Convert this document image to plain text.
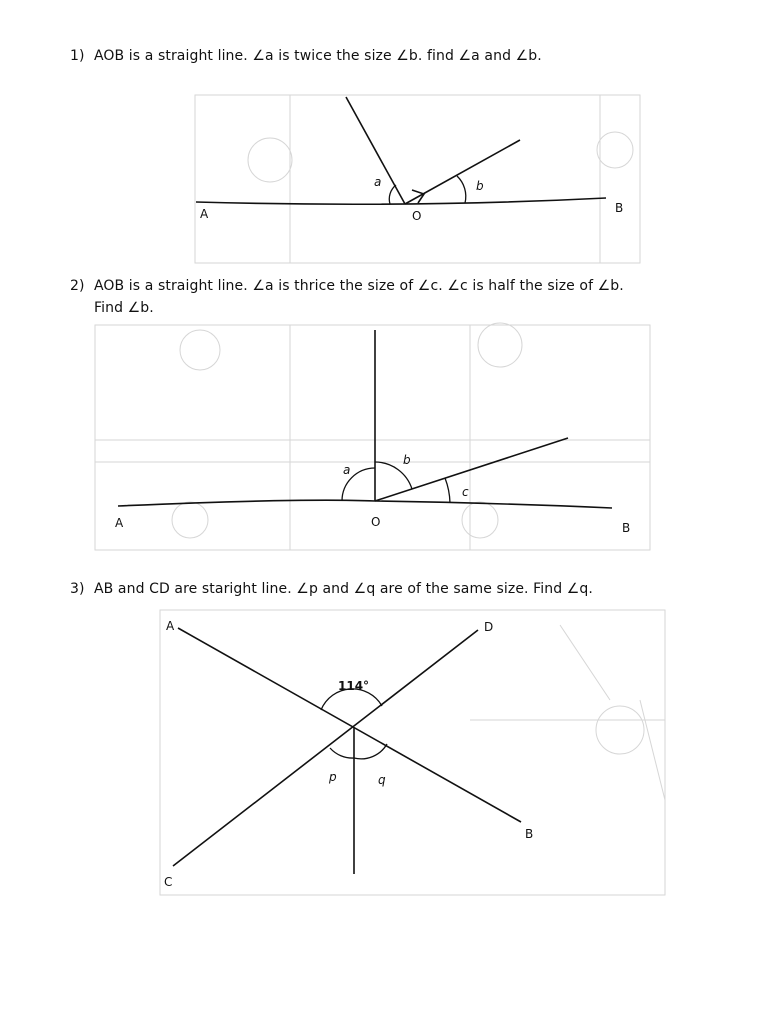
1) AOB is a straight line. ∠a is twice the size ∠b. find ∠a and ∠b.
a	b
A	O
B
2) AOB is a straight line. ∠a is thrice the size of ∠c. ∠c is half the size of ∠b.
Find ∠b.
a
b
c
A	O	B
3) AB and CD are staright line. ∠p and ∠q are of the same size. Find ∠q.
114°
p	q
A
B
C
D
